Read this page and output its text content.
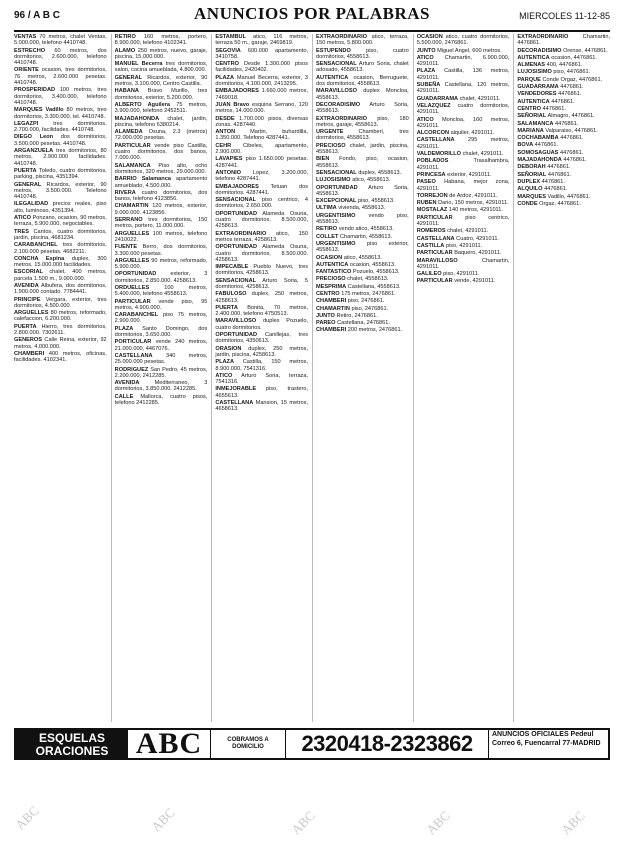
96 / A B C	ANUNCIOS POR PALABRAS	MIERCOLES 11-12-85

VENTAS 70 metros, chalet Ventas, 5.000.000, telefono 4410748.

ESTRECHO 60 metros, dos dormitorios, 2.600.000, telefono 4410748.

ORIENTE ocasion, tres dormitorios, 76 metros, 2.600.000 pesetas. 4410748.

PROSPERIDAD 100 metros, tres dormitorios, 3.400.000, telefono 4410748.

MARQUES Vadillo 80 metros, tres dormitorios, 3.300.000, tel. 4410748.

LEGAZPI	tres dormitorios, 2.700.000, facilidades. 4410748.

DIEGO Leon dos dormitorios, 3.500.000 pesetas. 4410748.

ARGANZUELA tres dormitorios, 80 metros, 2.900.000 facilidades. 4410748.

PUERTA Toledo, cuatro dormitorios, parking, piscina, 4351394.

GENERAL Ricardos, exterior, 90 metros, 3.500.000. Telefono 4410748.

ILEGALIDAD precios reales, piso alto, luminoso, 4351394.

ATICO Ponzano, ocasion, 90 metros, terraza, 5.900.000, negociables.

TRES Cantos, cuatro dormitorios, jardin, piscina, 4681234.

CARABANCHEL tres dormitorios, 2.100.000 pesetas. 4682211.

CONCHA Espina duplex, 300 metros, 15.000.000 facilidades.

ESCORIAL chalet, 400 metros, parcela 1.500 m., 9.000.000.

AVENIDA Albufera, dos dormitorios, 1.900.000 contado. 7784441.

PRINCIPE Vergara, exterior, tres dormitorios, 4.500.000.

ARGUELLES 80 metros, reformado, calefaccion, 6.200.000.

PUERTA Hierro, tres dormitorios, 2.800.000. 7302611.

GENEROS Calle Reina, exterior, 92 metros, 4.000.000.

CHAMBERI 400 metros, oficinas, facilidades. 4102341.

RETIRO 160 metros, portero, 8.900.000, telefono 4102341.

ALAMO 250 metros, nuevo, garaje, piscina, 15.000.000.

MANUEL Becerra tres dormitorios, salon, cocina amueblada, 4.800.000.

GENERAL Ricardos, exterior, 90 metros, 3.100.000, Centro Castilla.

HABANA Bravo Murillo, tres dormitorios, exterior, 5.200.000.

ALBERTO Aguilera 75 metros, 3.900.000, telefono 2452511.

MAJADAHONDA chalet, jardin, piscina, telefono 6380214.

ALAMEDA Osuna, 2.3 (metros) 72.000.000 pesetas.

PARTICULAR vende piso Castilla, cuatro dormitorios, dos banos, 7.000.000.

SALAMANCA Piso alto, ocho dormitorios, 320 metros, 29.000.000.

BARRIO Salamanca apartamento amueblado, 4.500.000.

RIVERA cuatro dormitorios, dos banos, telefono 4123856.

CHAMARTIN 120 metros, exterior, 9.000.000. 4123856.

SERRANO tres dormitorios, 150 metros, portero, 11.000.000.

ARGUELLES 100 metros, telefono 2410022.

FUENTE Berro, dos dormitorios, 3.300.000 pesetas.

ARGUELLES 90 metros, reformado, 5.900.000.

OPORTUNIDAD	exterior, 3 dormitorios, 2.850.000. 4258613.

ORDUELLES	100 metros, 5.400.000, telefono 4558613.

PARTICULAR vende piso, 95 metros, 4.900.000.

CARABANCHEL piso 75 metros, 2.900.000.

PLAZA Santo Domingo, dos dormitorios, 3.650.000.

PORTICULAR vende 240 metros, 21.000.000, 4467076.

CASTELLANA 340 metros, 25.000.000 pesetas.

RODRIGUEZ San Pedro, 45 metros, 2.200.000, 2412285.

AVENIDA	Mediterraneo, 3 dormitorios, 3.850.000. 2412285.

CALLE Mallorca, cuatro pisos, telefono 2412285.

ESTAMBUL atico, 116 metros, terraza 50 m., garaje, 2469819.

SEGOVIA 600.000 apartamento, 3410758.

CENTRO Desde 1.300.000 pisos facilidades, 2420402.

PLAZA Manuel Becerra, exterior, 3 dormitorios, 4.100.000, 2413295.

EMBAJADORES 1.660.000 metros, 7469018.

JUAN Bravo esquina Serrano, 120 metros, 14.000.000.

DESDE 1.700.000 pisos, diversas zonas. 4287440.

ANTON	Martin, buhardilla, 1.350.000. Telefono 4287441.

CEHR Cibeles, apartamento, 2.900.000.

LAVAPIES piso 1.650.000 pesetas. 4287441.

ANTONIO Lopez, 3.200.000, telefono 4287441.

EMBAJADORES Tetuan dos dormitorios. 4287441.

SENSACIONAL piso centrico, 4 dormitorios, 2.650.000.

OPORTUNIDAD Alameda Osuna, cuatro dormitorios, 8.500.000, 4258613.

EXTRAORDINARIO atico, 150 metros terraza, 4258613.

OPORTUNIDAD Alameda Osuna, cuatro dormitorios, 8.500.000. 4258613.

IMPECABLE Pueblo Nuevo, tres dormitorios, 4258613.

SENSACIONAL Arturo Soria, 5 dormitorios, 4258613.

FABULOSO duplex, 250 metros, 4258613.

PUERTA Bonita, 70 metros, 2.400.000, telefono 4750513.

MARAVILLOSO duplex Pozuelo, cuatro dormitorios.

OPORTUNIDAD Canillejas, tres dormitorios, 4350613.

ORASION duplex, 250 metros, jardin, piscina, 4258613.

PLAZA Castilla, 150 metros, 8.900.000, 7541316.

ATICO Arturo Soria, terraza, 7541316.

INMEJORABLE piso, trastero, 4655613.

CASTELLANA Mansion, 15 metros, 4658613.

EXTRAORDINARIO atico, terraza, 150 metros, 5.800.000.

ESTUPENDO	piso, cuatro dormitorios, 4558613.

SENSACIONAL Arturo Soria, chalet adosado, 4558613.

AUTENTICA ocasion, Berruguete, dos dormitorios, 4558613.

MARAVILLOSO duplex Moncloa, 4558613.

DECORADISIMO Arturo Soria, 4558613.

EXTRAORDINARIO piso, 180 metros, garaje, 4558613.

URGENTE	Chamberi, tres dormitorios, 4558613.

PRECIOSO chalet, jardin, piscina, 4558613.

BIEN Fondo, piso, ocasion, 4558613.

SENSACIONAL duplex, 4558613.

LUJOSISIMO atico, 4558613.

OPORTUNIDAD Arturo Soria, 4558613.

EXCEPCIONAL piso, 4558613.

ULTIMA vivienda, 4558613.

URGENTISIMO vendo piso, 4558613.

RETIRO vendo atico, 4558613.

COLLET Chamartin, 4558613.

URGENTISIMO piso exterior, 4558613.

OCASION atico, 4558613.

AUTENTICA ocasion, 4558613.

FANTASTICO Pozuelo, 4558613.

PRECIOSO chalet, 4558613.

MESPRIMA Castellana, 4558613.

CENTRO 175 metros, 2476861.

CHAMBERI piso, 2476861.

CHAMARTIN piso, 2476861.

JUNTO Retiro, 2476861.

PAREO Castellana, 2476861.

CHAMBERI 200 metros, 2476861.

OCASION atico, cuatro dormitorios, 5.500.000, 2476861.

JUNTO Miguel Angel, 600 metros.

ATICO Chamartin, 6.900.000, 4291011.

PLAZA Castilla, 136 metros, 4291011.

SUBEÑA Castellana, 120 metros, 4291011.

GUADARRAMA chalet, 4291011.

VELAZQUEZ cuatro dormitorios, 4291011.

ATICO Moncloa, 160 metros, 4291011.

ALCORCON alquiler, 4291011.

CASTELLANA 295 metros, 4291011.

VALDEMORILLO chalet, 4291011.

POBLADOS	Trasalhambra, 4291011.

PRINCESA exterior, 4291011.

PASEO Habana, mejor zona, 4291011.

TORREJON de Ardoz, 4291011.

RUBEN Dario, 150 metros, 4291011.

MOSTALAZ 140 metros, 4291011.

PARTICULAR piso centrico, 4291011.

ROMEROS chalet, 4291011.

CASTELLANA Cuatro, 4291011.

CASTILLA piso, 4291011.

PARTICULAR Baquero, 4291011.

MARAVILLOSO	Chamartin, 4291011.

GALILEO piso, 4291011.

PARTICULAR vende, 4291011.

EXTRAORDINARIO	Chamartin, 4476861.

DECORADISIMO Orense, 4476861.

AUTENTICA ocasion, 4476861.

ALMENAS 400, 4476861.

LUJOSISIMO piso, 4476861.

PARQUE Conde Orgaz, 4476861.

GUADARRAMA 4476861.

VENDEDORES 4476861.

AUTENTICA 4476861.

CENTRO 4476861.

SEÑORIAL Almagro, 4476861.

SALAMANCA 4476861.

MARIANA Valparaiso, 4476861.

COCHABAMBA 4476861.

BOVA 4476861.

SOMOSAGUAS 4476861.

MAJADAHONDA 4476861.

DEBORAH 4476861.

SEÑORIAL 4476861.

DUPLEX 4476861.

ALQUILO 4476861.

MARQUES Vadillo, 4476861.

CONDE Orgaz, 4476861.

ESQUELAS ORACIONES ABC	COBRAMOS A DOMICILIO	2320418-2323862	ANUNCIOS OFICIALES Pedeul Correo 6, Fuencarral 77-MADRID
ABC	ABC	ABC	ABC	ABC
